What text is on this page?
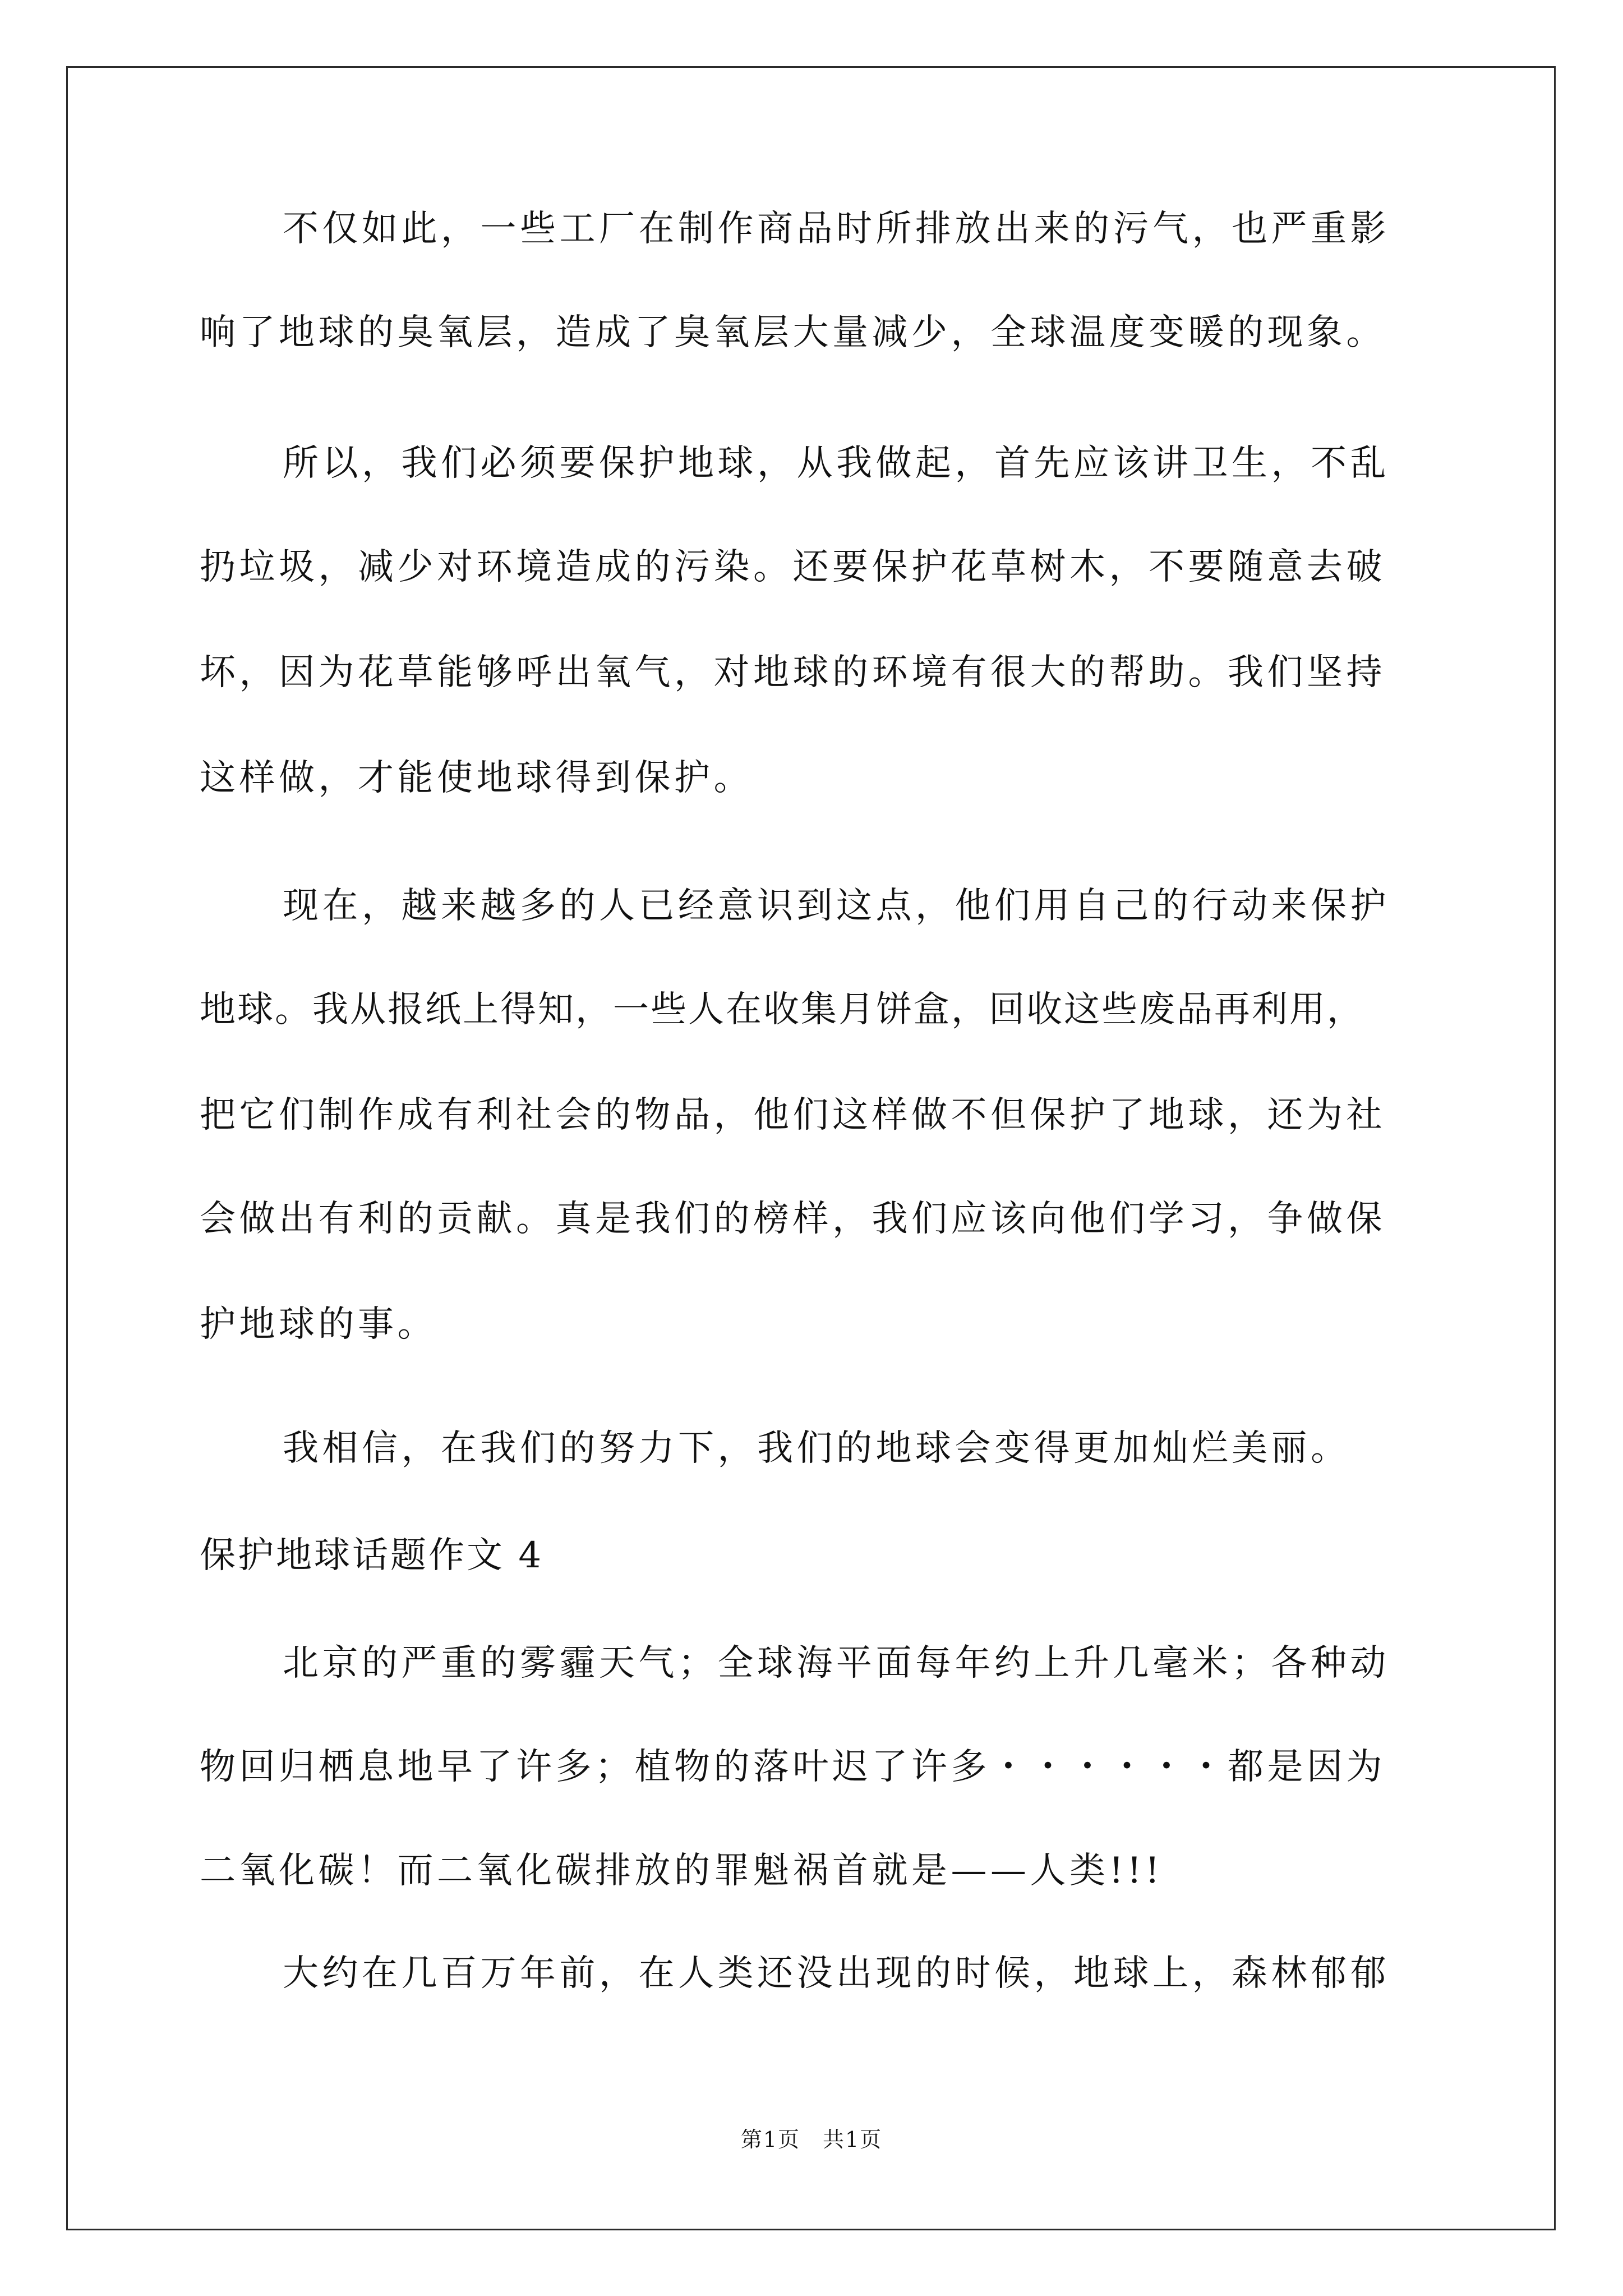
不仅如此，一些工厂在制作商品时所排放出来的污气，也严重影
响了地球的臭氧层，造成了臭氧层大量减少，全球温度变暖的现象。
所以，我们必须要保护地球，从我做起，首先应该讲卫生，不乱
扔垃圾，减少对环境造成的污染。还要保护花草树木，不要随意去破
坏，因为花草能够呼出氧气，对地球的环境有很大的帮助。我们坚持
这样做，才能使地球得到保护。
现在，越来越多的人已经意识到这点，他们用自己的行动来保护
地球。我从报纸上得知，一些人在收集月饼盒，回收这些废品再利用，
把它们制作成有利社会的物品，他们这样做不但保护了地球，还为社
会做出有利的贡献。真是我们的榜样，我们应该向他们学习，争做保
护地球的事。
我相信，在我们的努力下，我们的地球会变得更加灿烂美丽。
保护地球话题作文 4
北京的严重的雾霾天气；全球海平面每年约上升几毫米；各种动
物回归栖息地早了许多；植物的落叶迟了许多・・・・・・都是因为
二氧化碳！而二氧化碳排放的罪魁祸首就是——人类!!!
大约在几百万年前，在人类还没出现的时候，地球上，森林郁郁
第1页　共1页
